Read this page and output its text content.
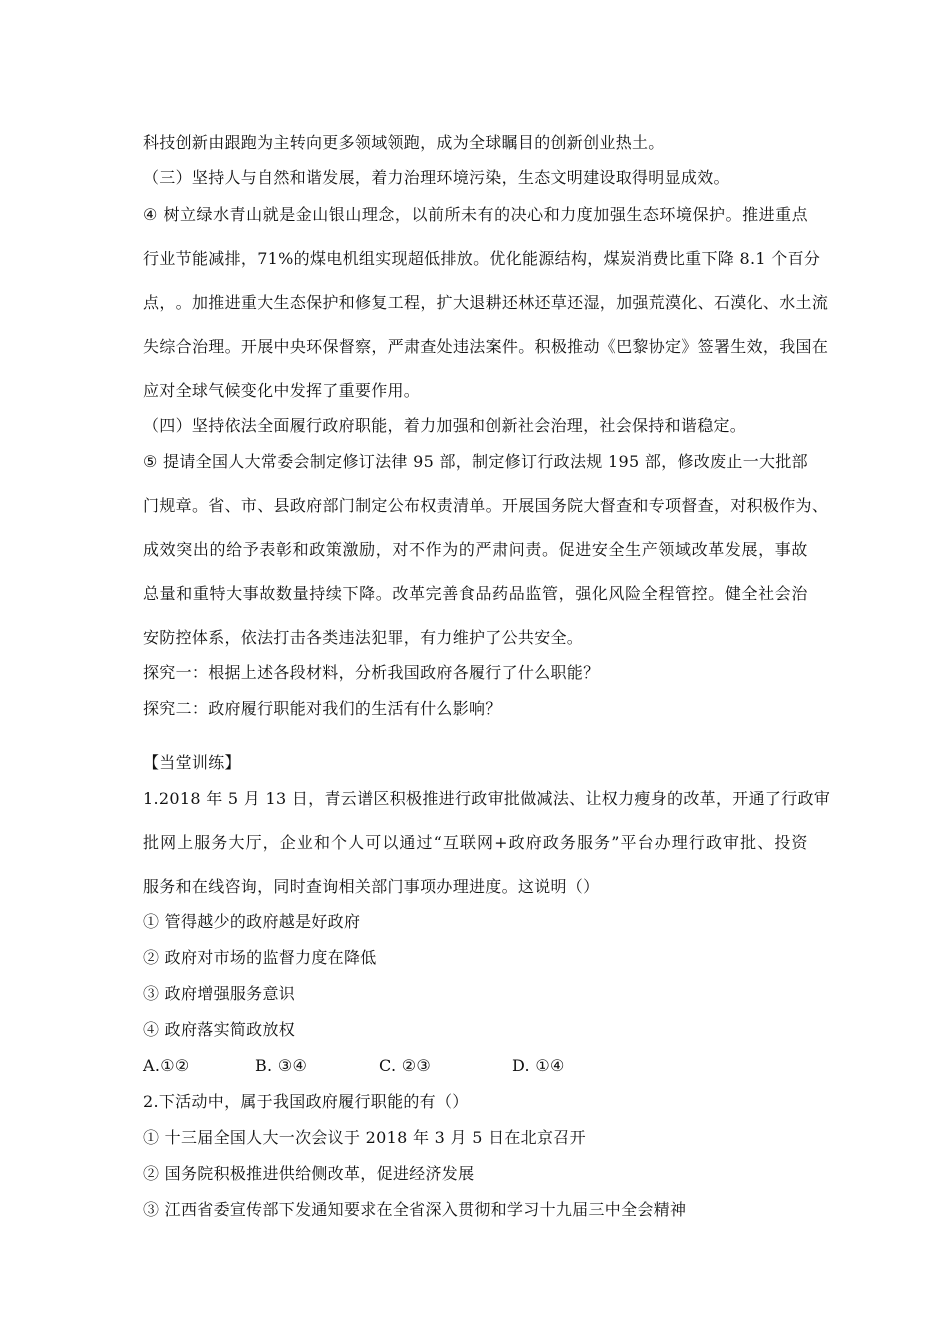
科技创新由跟跑为主转向更多领域领跑，成为全球瞩目的创新创业热土。
（三）坚持人与自然和谐发展，着力治理环境污染，生态文明建设取得明显成效。
④
树 立 绿 水 青 山 就 是 金 山 银 山 理 念 ， 以 前 所 未 有 的 决 心 和 力 度 加 强 生 态 环 境 保 护 。 推 进 重 点
行 业 节 能 减 排 ， 7 1 % 的 煤 电 机 组 实 现 超 低 排 放 。 优 化 能 源 结 构 ， 煤 炭 消 费 比 重 下 降
8 . 1
个 百 分
点 ， 。 加 推 进 重 大 生 态 保 护 和 修 复 工 程 ， 扩 大 退 耕 还 林 还 草 还 湿 ， 加 强 荒 漠 化 、 石 漠 化 、 水 土 流
失 综 合 治 理 。 开 展 中 央 环 保 督 察 ， 严 肃 查 处 违 法 案 件 。 积 极 推 动 《 巴 黎 协 定 》 签 署 生 效 ， 我 国 在
应对全球气候变化中发挥了重要作用。
（四）坚持依法全面履行政府职能，着力加强和创新社会治理，社会保持和谐稳定。
⑤
提 请 全 国 人 大 常 委 会 制 定 修 订 法 律
9 5
部 ， 制 定 修 订 行 政 法 规
1 9 5
部 ， 修 改 废 止 一 大 批 部
门 规 章 。 省 、 市 、 县 政 府 部 门 制 定 公 布 权 责 清 单 。 开 展 国 务 院 大 督 查 和 专 项 督 查 ， 对 积 极 作 为 、
成 效 突 出 的 给 予 表 彰 和 政 策 激 励 ， 对 不 作 为 的 严 肃 问 责 。 促 进 安 全 生 产 领 域 改 革 发 展 ， 事 故
总 量 和 重 特 大 事 故 数 量 持 续 下 降 。 改 革 完 善 食 品 药 品 监 管 ， 强 化 风 险 全 程 管 控 。 健 全 社 会 治
安防控体系，依法打击各类违法犯罪，有力维护了公共安全。
探究一：根据上述各段材料，分析我国政府各履行了什么职能？
探究二：政府履行职能对我们的生活有什么影响？
【当堂训练】
1 . 2 0 1 8
年
5
月
1 3
日 ， 青 云 谱 区 积 极 推 进 行 政 审 批 做 减 法 、 让 权 力 瘦 身 的 改 革 ， 开 通 了 行 政 审
批 网 上 服 务 大 厅 ， 企 业 和 个 人 可 以 通 过 “ 互 联 网 + 政 府 政 务 服 务 ” 平 台 办 理 行 政 审 批 、 投 资
服务和在线咨询，同时查询相关部门事项办理进度。这说明（）
① 管得越少的政府越是好政府
② 政府对市场的监督力度在降低
③ 政府增强服务意识
④ 政府落实简政放权
A.①②	B. ③④	C. ②③	D. ①④
2.下活动中，属于我国政府履行职能的有（）
① 十三届全国人大一次会议于 2018 年 3 月 5 日在北京召开
② 国务院积极推进供给侧改革，促进经济发展
③ 江西省委宣传部下发通知要求在全省深入贯彻和学习十九届三中全会精神
